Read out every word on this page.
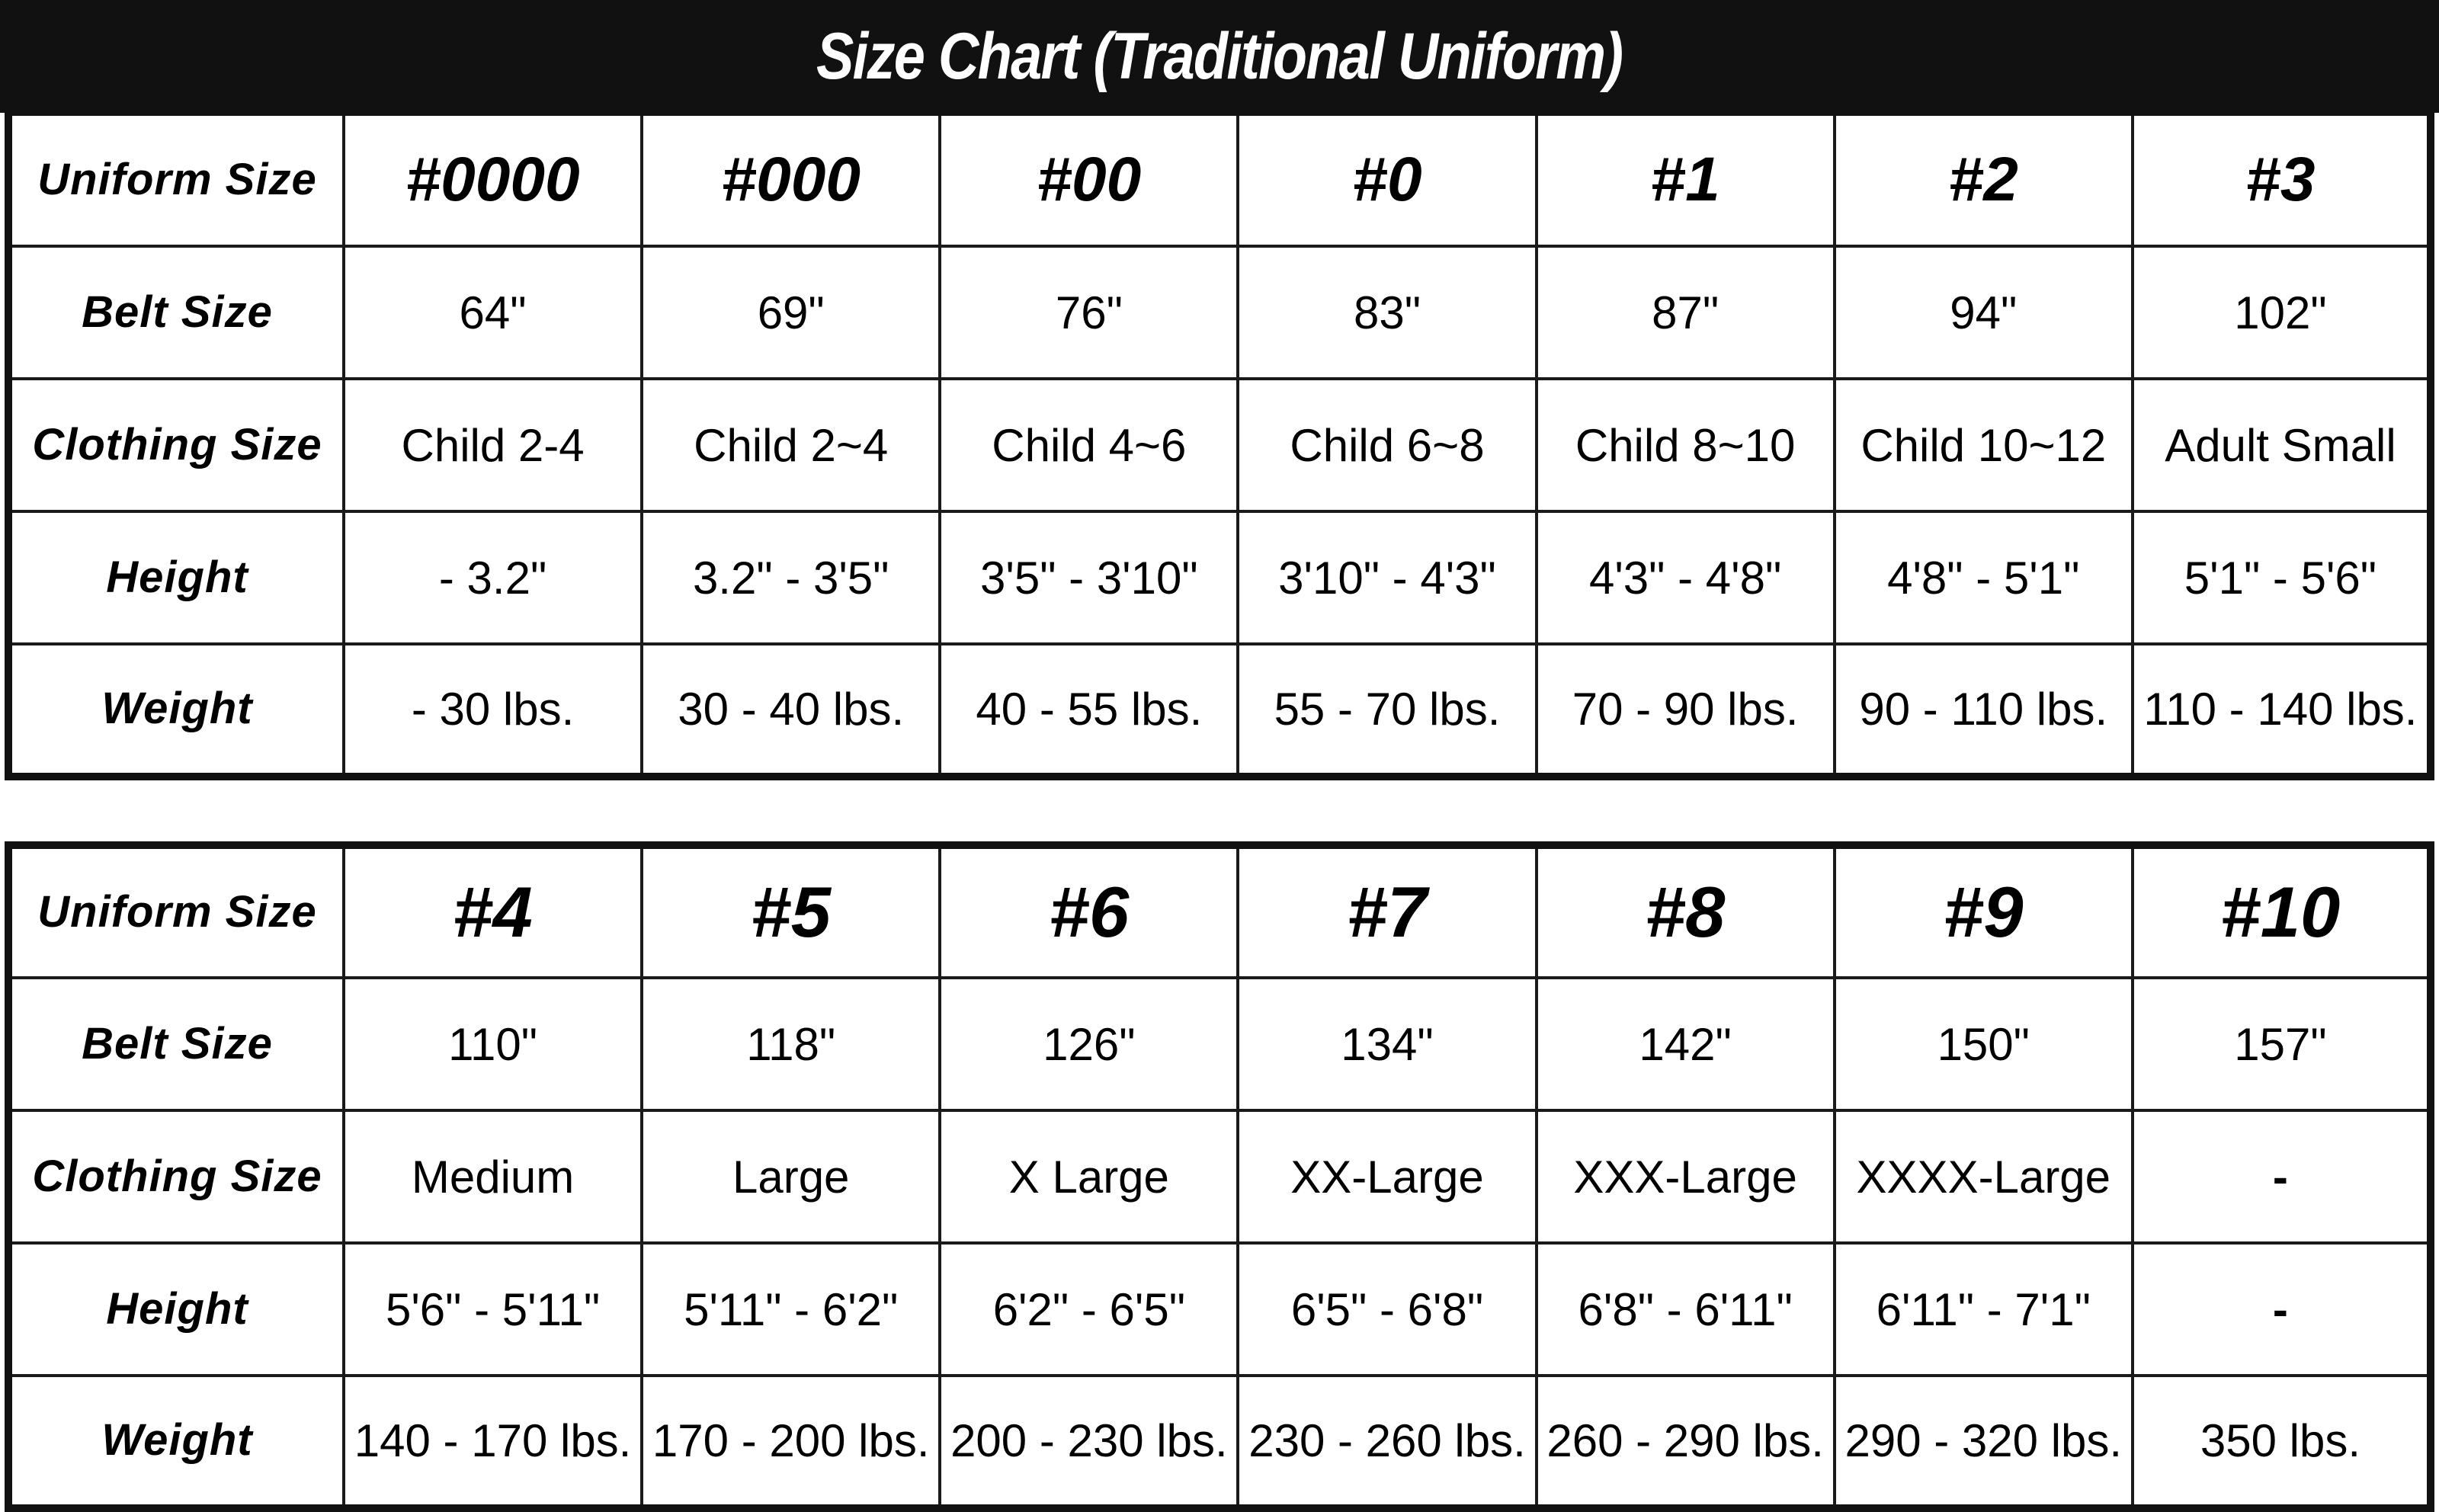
Size Chart (Traditional Uniform)
Uniform Size	#0000	#000	#00	#0	#1	#2	#3
Belt Size	64"	69"	76"	83"	87"	94"	102"
Clothing Size	Child 2-4	Child 2~4	Child 4~6	Child 6~8	Child 8~10	Child 10~12	Adult Small
Height	- 3.2"	3.2" - 3'5"	3'5" - 3'10"	3'10" - 4'3"	4'3" - 4'8"	4'8" - 5'1"	5'1" - 5'6"
Weight	- 30 lbs.	30 - 40 lbs.	40 - 55 lbs.	55 - 70 lbs.	70 - 90 lbs.	90 - 110 lbs.	110 - 140 lbs.
Uniform Size	#4	#5	#6	#7	#8	#9	#10
Belt Size	110"	118"	126"	134"	142"	150"	157"
Clothing Size	Medium	Large	X Large	XX-Large	XXX-Large	XXXX-Large	-
Height	5'6" - 5'11"	5'11" - 6'2"	6'2" - 6'5"	6'5" - 6'8"	6'8" - 6'11"	6'11" - 7'1"	-
Weight	140 - 170 lbs.	170 - 200 lbs.	200 - 230 lbs.	230 - 260 lbs.	260 - 290 lbs.	290 - 320 lbs.	350 lbs.
